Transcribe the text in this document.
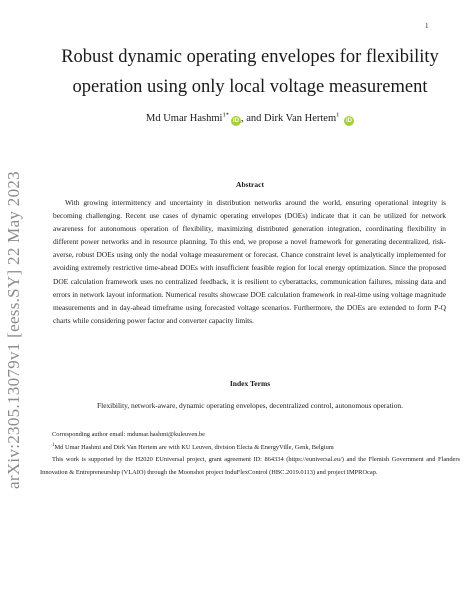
1
arXiv:2305.13079v1 [eess.SY] 22 May 2023
Robust dynamic operating envelopes for flexibility operation using only local voltage measurement
Md Umar Hashmi$^{1*}$iD , and Dirk Van Hertem$^1$ iD
Abstract

With growing intermittency and uncertainty in distribution networks around the world, ensuring operational integrity is becoming challenging. Recent use cases of dynamic operating envelopes (DOEs) indicate that it can be utilized for network awareness for autonomous operation of flexibility, maximizing distributed generation integration, coordinating flexibility in different power networks and in resource planning. To this end, we propose a novel framework for generating decentralized, risk-averse, robust DOEs using only the nodal voltage measurement or forecast. Chance constraint level is analytically implemented for avoiding extremely restrictive time-ahead DOEs with insufficient feasible region for local energy optimization. Since the proposed DOE calculation framework uses no centralized feedback, it is resilient to cyberattacks, communication failures, missing data and errors in network layout information. Numerical results showcase DOE calculation framework in real-time using voltage magnitude measurements and in day-ahead timeframe using forecasted voltage scenarios. Furthermore, the DOEs are extended to form P-Q charts while considering power factor and converter capacity limits.

Index Terms
Flexibility, network-aware, dynamic operating envelopes, decentralized control, autonomous operation.

Corresponding author email: mdumar.hashmi@kuleuven.be

$^1$Md Umar Hashmi and Dirk Van Hertem are with KU Leuven, division Electa & EnergyVille, Genk, Belgium

This work is supported by the H2020 EUniversal project, grant agreement ID: 864334 (https://euniversal.eu/) and the Flemish Government and Flanders Innovation & Entrepreneurship (VLAIO) through the Moonshot project InduFlexControl (HBC.2019.0113) and project IMPROcap.
